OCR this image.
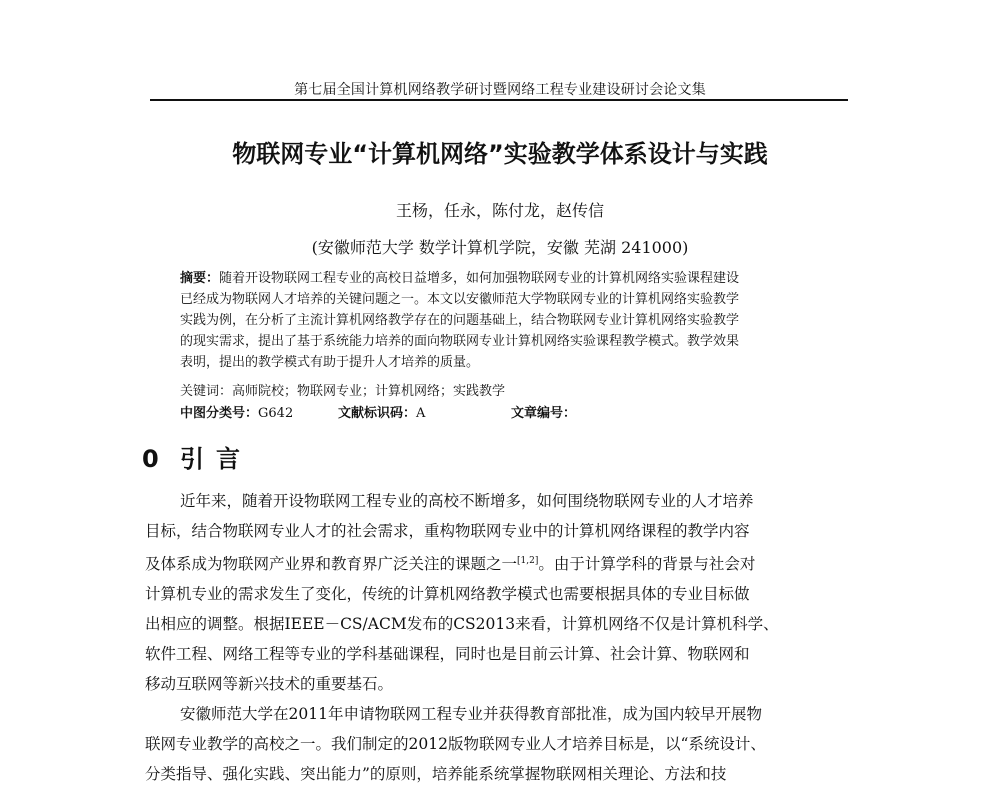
第七届全国计算机网络教学研讨暨网络工程专业建设研讨会论文集
物联网专业“计算机网络”实验教学体系设计与实践
王杨，任永，陈付龙，赵传信
(安徽师范大学 数学计算机学院，安徽 芜湖 241000)
摘要：随着开设物联网工程专业的高校日益增多，如何加强物联网专业的计算机网络实验课程建设
已经成为物联网人才培养的关键问题之一。本文以安徽师范大学物联网专业的计算机网络实验教学
实践为例，在分析了主流计算机网络教学存在的问题基础上，结合物联网专业计算机网络实验教学
的现实需求，提出了基于系统能力培养的面向物联网专业计算机网络实验课程教学模式。教学效果
表明，提出的教学模式有助于提升人才培养的质量。
关键词：高师院校；物联网专业；计算机网络；实践教学
中图分类号：G642	文献标识码：A	文章编号：
0 引言
近年来，随着开设物联网工程专业的高校不断增多，如何围绕物联网专业的人才培养
目标，结合物联网专业人才的社会需求，重构物联网专业中的计算机网络课程的教学内容
及体系成为物联网产业界和教育界广泛关注的课题之一[1,2]。由于计算学科的背景与社会对
计算机专业的需求发生了变化，传统的计算机网络教学模式也需要根据具体的专业目标做
出相应的调整。根据IEEE－CS/ACM发布的CS2013来看，计算机网络不仅是计算机科学、
软件工程、网络工程等专业的学科基础课程，同时也是目前云计算、社会计算、物联网和
移动互联网等新兴技术的重要基石。
安徽师范大学在2011年申请物联网工程专业并获得教育部批准，成为国内较早开展物
联网专业教学的高校之一。我们制定的2012版物联网专业人才培养目标是，以“系统设计、
分类指导、强化实践、突出能力”的原则，培养能系统掌握物联网相关理论、方法和技
